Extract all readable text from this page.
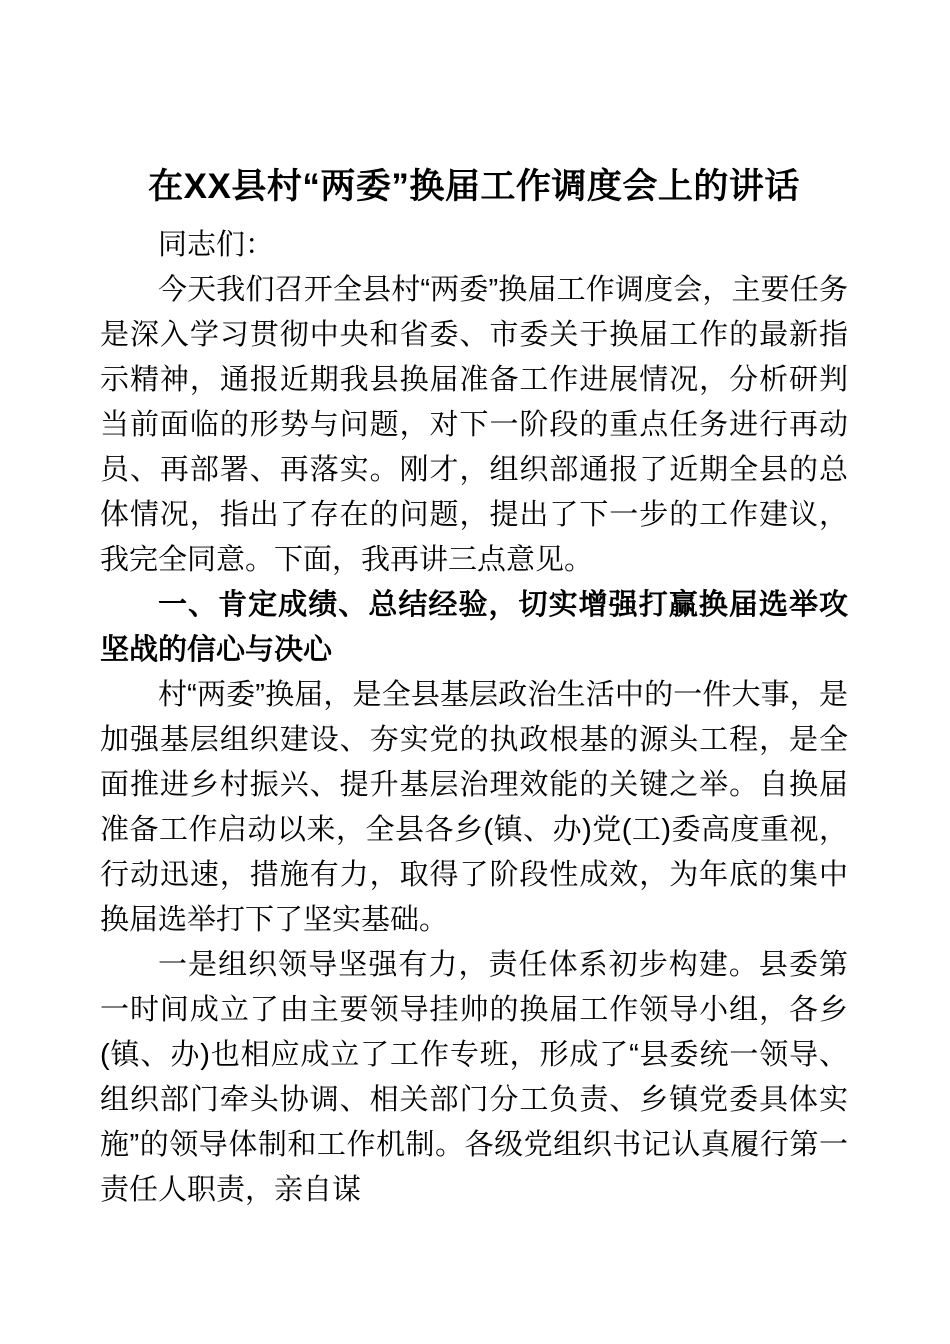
在XX县村“两委”换届工作调度会上的讲话

同志们：

今天我们召开全县村“两委”换届工作调度会，主要任务是深入学习贯彻中央和省委、市委关于换届工作的最新指示精神，通报近期我县换届准备工作进展情况，分析研判当前面临的形势与问题，对下一阶段的重点任务进行再动员、再部署、再落实。刚才，组织部通报了近期全县的总体情况，指出了存在的问题，提出了下一步的工作建议，我完全同意。下面，我再讲三点意见。

一、肯定成绩、总结经验，切实增强打赢换届选举攻坚战的信心与决心

村“两委”换届，是全县基层政治生活中的一件大事，是加强基层组织建设、夯实党的执政根基的源头工程，是全面推进乡村振兴、提升基层治理效能的关键之举。自换届准备工作启动以来，全县各乡(镇、办)党(工)委高度重视，行动迅速，措施有力，取得了阶段性成效，为年底的集中换届选举打下了坚实基础。

一是组织领导坚强有力，责任体系初步构建。县委第一时间成立了由主要领导挂帅的换届工作领导小组，各乡(镇、办)也相应成立了工作专班，形成了“县委统一领导、组织部门牵头协调、相关部门分工负责、乡镇党委具体实施”的领导体制和工作机制。各级党组织书记认真履行第一责任人职责，亲自谋
